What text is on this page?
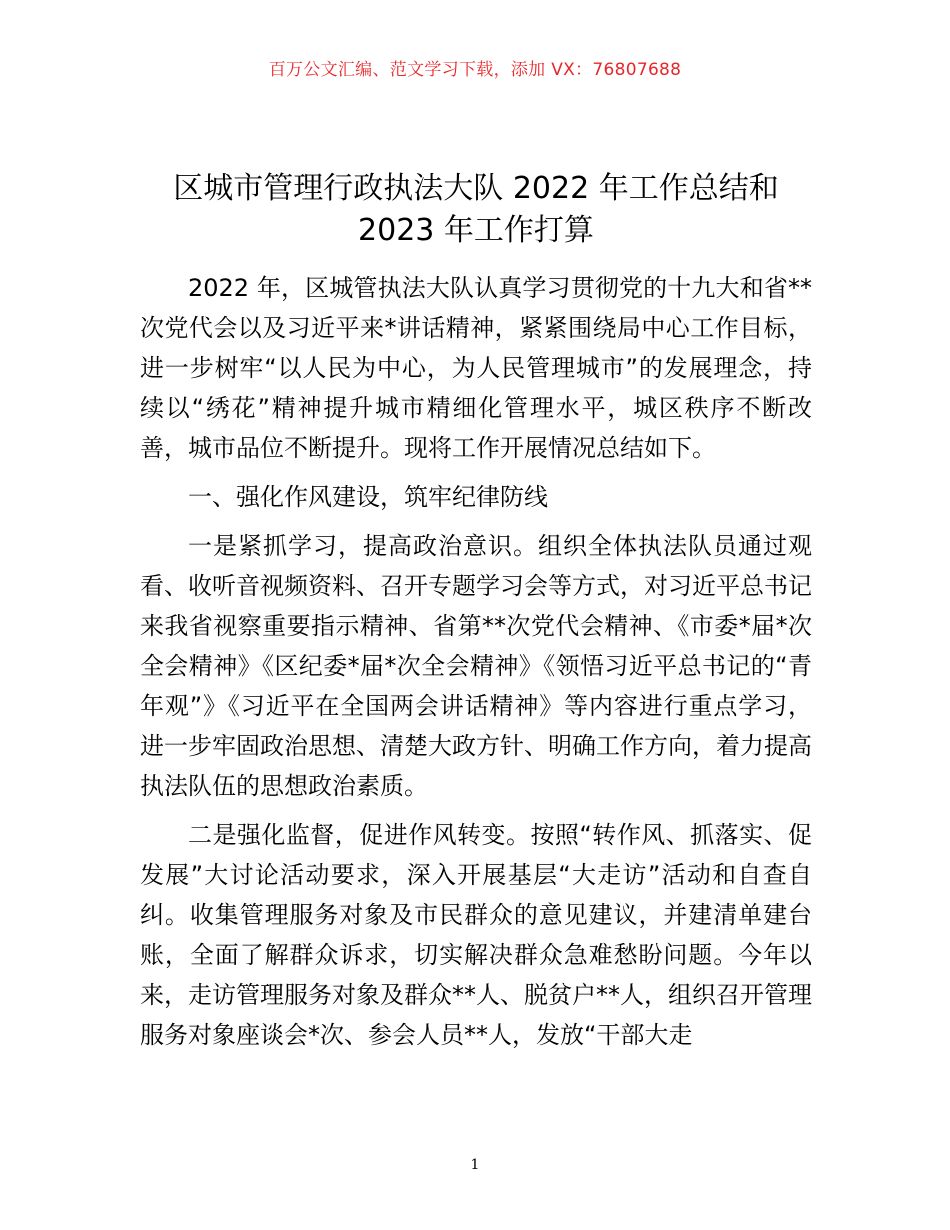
百万公文汇编、范文学习下载，添加 VX：76807688
区城市管理行政执法大队 2022 年工作总结和
2023 年工作打算

2022 年，区城管执法大队认真学习贯彻党的十九大和省**次党代会以及习近平来*讲话精神，紧紧围绕局中心工作目标，进一步树牢“以人民为中心，为人民管理城市”的发展理念，持续以“绣花”精神提升城市精细化管理水平，城区秩序不断改善，城市品位不断提升。现将工作开展情况总结如下。

一、强化作风建设，筑牢纪律防线

一是紧抓学习，提高政治意识。组织全体执法队员通过观看、收听音视频资料、召开专题学习会等方式，对习近平总书记来我省视察重要指示精神、省第**次党代会精神、《市委*届*次全会精神》《区纪委*届*次全会精神》《领悟习近平总书记的“青年观”》《习近平在全国两会讲话精神》等内容进行重点学习，进一步牢固政治思想、清楚大政方针、明确工作方向，着力提高执法队伍的思想政治素质。

二是强化监督，促进作风转变。按照“转作风、抓落实、促发展”大讨论活动要求，深入开展基层“大走访”活动和自查自纠。收集管理服务对象及市民群众的意见建议，并建清单建台账，全面了解群众诉求，切实解决群众急难愁盼问题。今年以来，走访管理服务对象及群众**人、脱贫户**人，组织召开管理服务对象座谈会*次、参会人员**人，发放“干部大走

1
